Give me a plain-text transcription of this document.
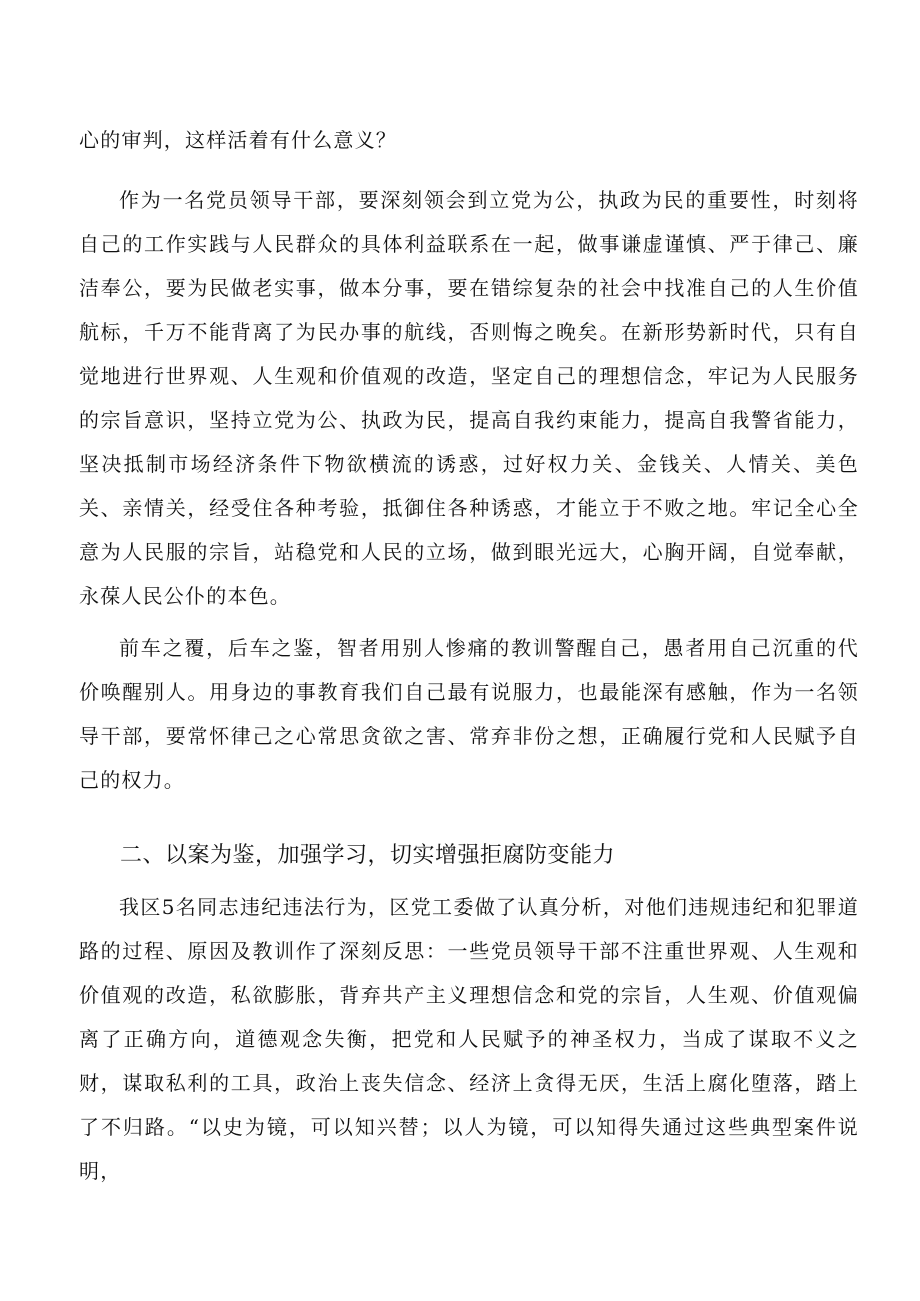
心的审判，这样活着有什么意义？

作为一名党员领导干部，要深刻领会到立党为公，执政为民的重要性，时刻将自己的工作实践与人民群众的具体利益联系在一起，做事谦虚谨慎、严于律己、廉洁奉公，要为民做老实事，做本分事，要在错综复杂的社会中找准自己的人生价值航标，千万不能背离了为民办事的航线，否则悔之晚矣。在新形势新时代，只有自觉地进行世界观、人生观和价值观的改造，坚定自己的理想信念，牢记为人民服务的宗旨意识，坚持立党为公、执政为民，提高自我约束能力，提高自我警省能力，坚决抵制市场经济条件下物欲横流的诱惑，过好权力关、金钱关、人情关、美色关、亲情关，经受住各种考验，抵御住各种诱惑，才能立于不败之地。牢记全心全意为人民服的宗旨，站稳党和人民的立场，做到眼光远大，心胸开阔，自觉奉献，永葆人民公仆的本色。

前车之覆，后车之鉴，智者用别人惨痛的教训警醒自己，愚者用自己沉重的代价唤醒别人。用身边的事教育我们自己最有说服力，也最能深有感触，作为一名领导干部，要常怀律己之心常思贪欲之害、常弃非份之想，正确履行党和人民赋予自己的权力。

二、以案为鉴，加强学习，切实增强拒腐防变能力

我区5名同志违纪违法行为，区党工委做了认真分析，对他们违规违纪和犯罪道路的过程、原因及教训作了深刻反思：一些党员领导干部不注重世界观、人生观和价值观的改造，私欲膨胀，背弃共产主义理想信念和党的宗旨，人生观、价值观偏离了正确方向，道德观念失衡，把党和人民赋予的神圣权力，当成了谋取不义之财，谋取私利的工具，政治上丧失信念、经济上贪得无厌，生活上腐化堕落，踏上了不归路。“以史为镜，可以知兴替；以人为镜，可以知得失通过这些典型案件说明，
